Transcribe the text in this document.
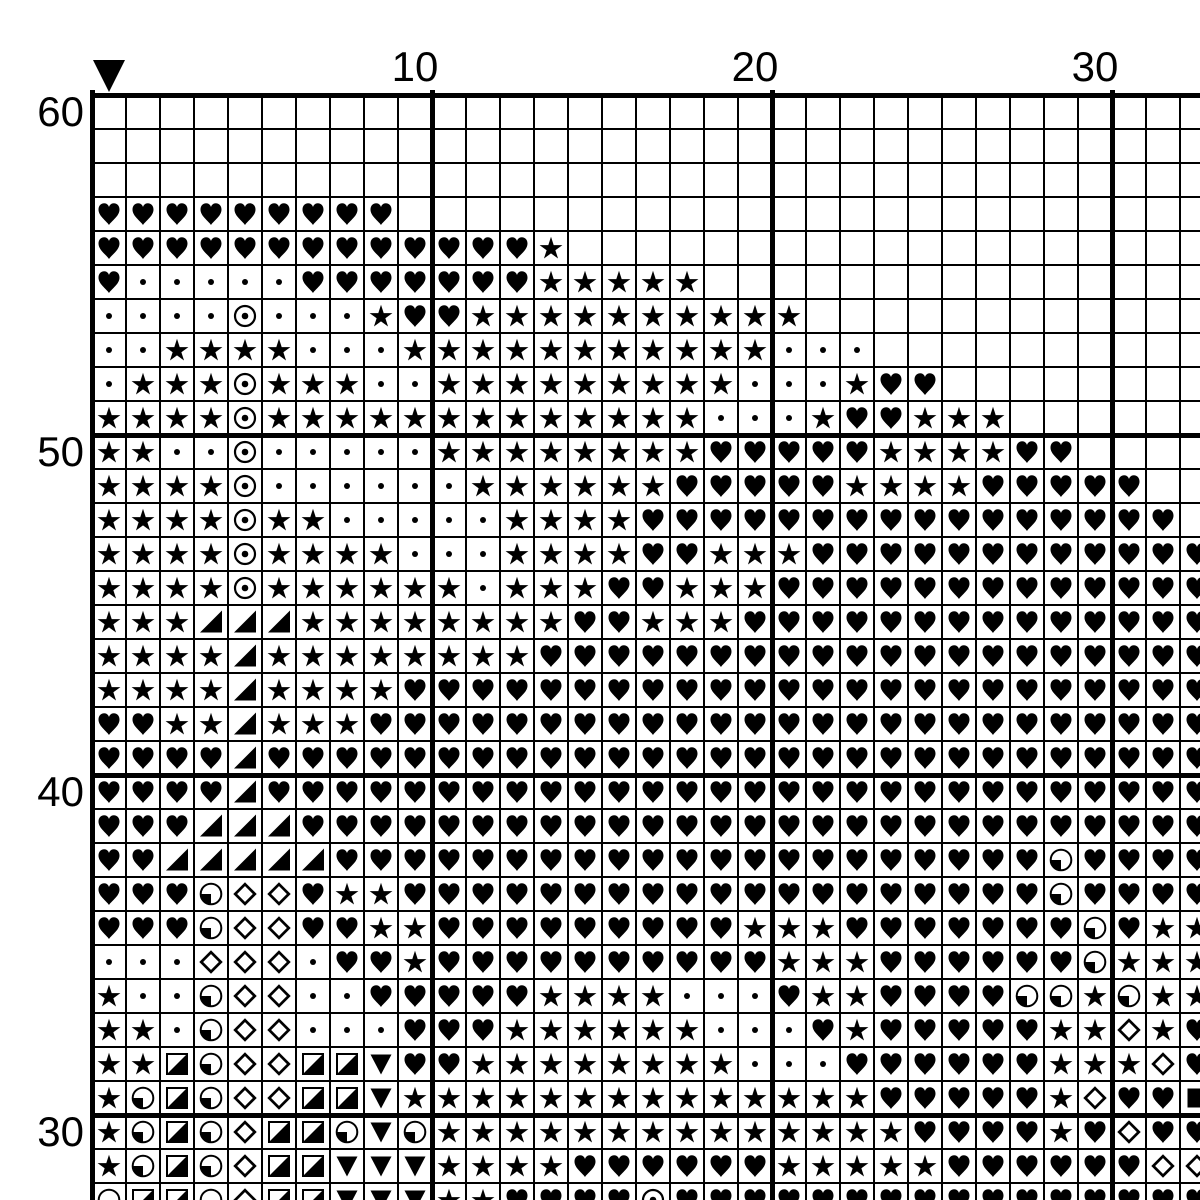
10	20	30
60
50
40
30
